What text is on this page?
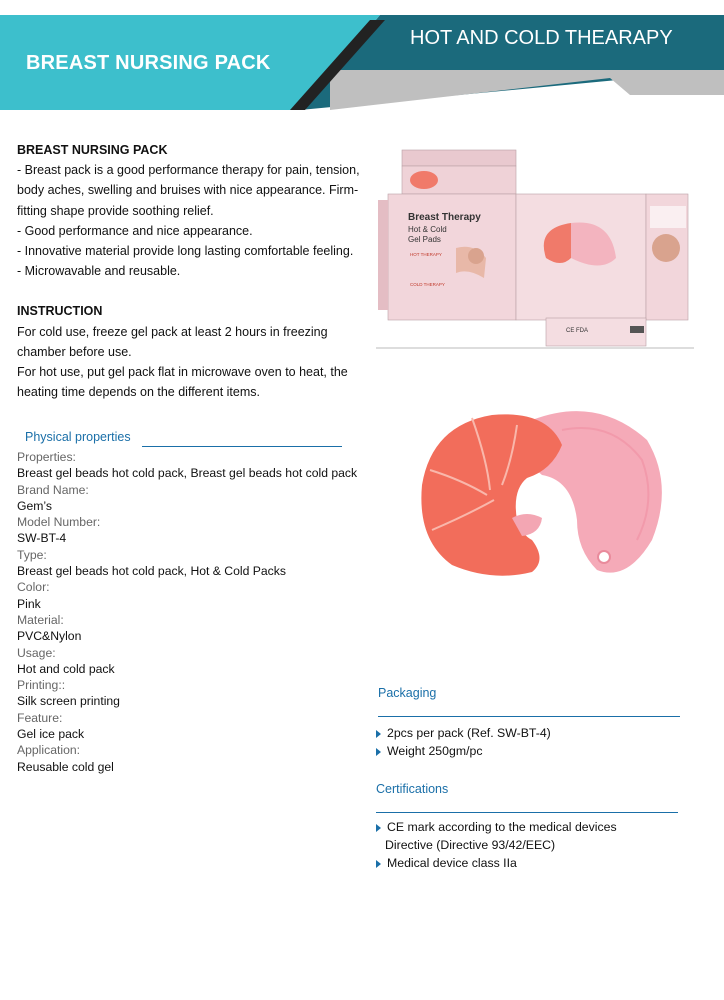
BREAST NURSING PACK
HOT AND COLD THEARAPY
BREAST NURSING PACK
- Breast pack is a good performance therapy for pain, tension,
body aches, swelling and bruises with nice appearance. Firm-
fitting shape provide soothing relief.
- Good performance and nice appearance.
- Innovative material provide long lasting comfortable feeling.
- Microwavable and reusable.
INSTRUCTION
For cold use, freeze gel pack at least 2 hours in freezing
chamber before use.
For hot use, put gel pack flat in microwave oven to heat, the
heating time depends on the different items.
Physical properties
Properties:
Breast gel beads hot cold pack, Breast gel beads hot cold pack
Brand Name:
Gem’s
Model Number:
SW-BT-4
Type:
Breast gel beads hot cold pack, Hot & Cold Packs
Color:
Pink
Material:
PVC&Nylon
Usage:
Hot and cold pack
Printing::
Silk screen printing
Feature:
Gel ice pack
Application:
Reusable cold gel
Breast Therapy
Hot & Cold
Gel Pads
HOT THERAPY
COLD THERAPY
CE FDA
Packaging
2pcs per pack (Ref. SW-BT-4)
Weight 250gm/pc
Certifications
CE mark according to the medical devices
Directive (Directive 93/42/EEC)
Medical device class IIa
